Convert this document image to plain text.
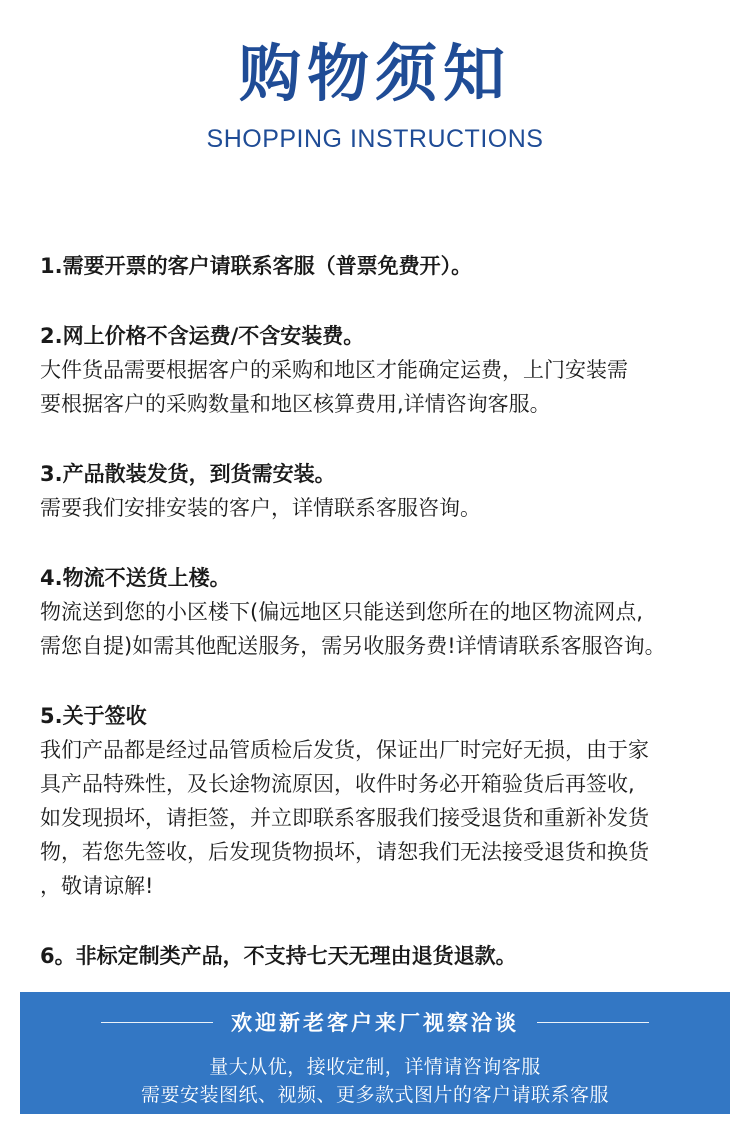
购物须知
SHOPPING INSTRUCTIONS
1.需要开票的客户请联系客服（普票免费开）。
2.网上价格不含运费/不含安装费。
大件货品需要根据客户的采购和地区才能确定运费，上门安装需
要根据客户的采购数量和地区核算费用,详情咨询客服。
3.产品散装发货，到货需安装。
需要我们安排安装的客户，详情联系客服咨询。
4.物流不送货上楼。
物流送到您的小区楼下(偏远地区只能送到您所在的地区物流网点,
需您自提)如需其他配送服务，需另收服务费!详情请联系客服咨询。
5.关于签收
我们产品都是经过品管质检后发货，保证出厂时完好无损，由于家
具产品特殊性，及长途物流原因，收件时务必开箱验货后再签收,
如发现损坏，请拒签，并立即联系客服我们接受退货和重新补发货
物，若您先签收，后发现货物损坏，请恕我们无法接受退货和换货
，敬请谅解!
6。非标定制类产品，不支持七天无理由退货退款。
欢迎新老客户来厂视察洽谈
量大从优，接收定制，详情请咨询客服
需要安装图纸、视频、更多款式图片的客户请联系客服
